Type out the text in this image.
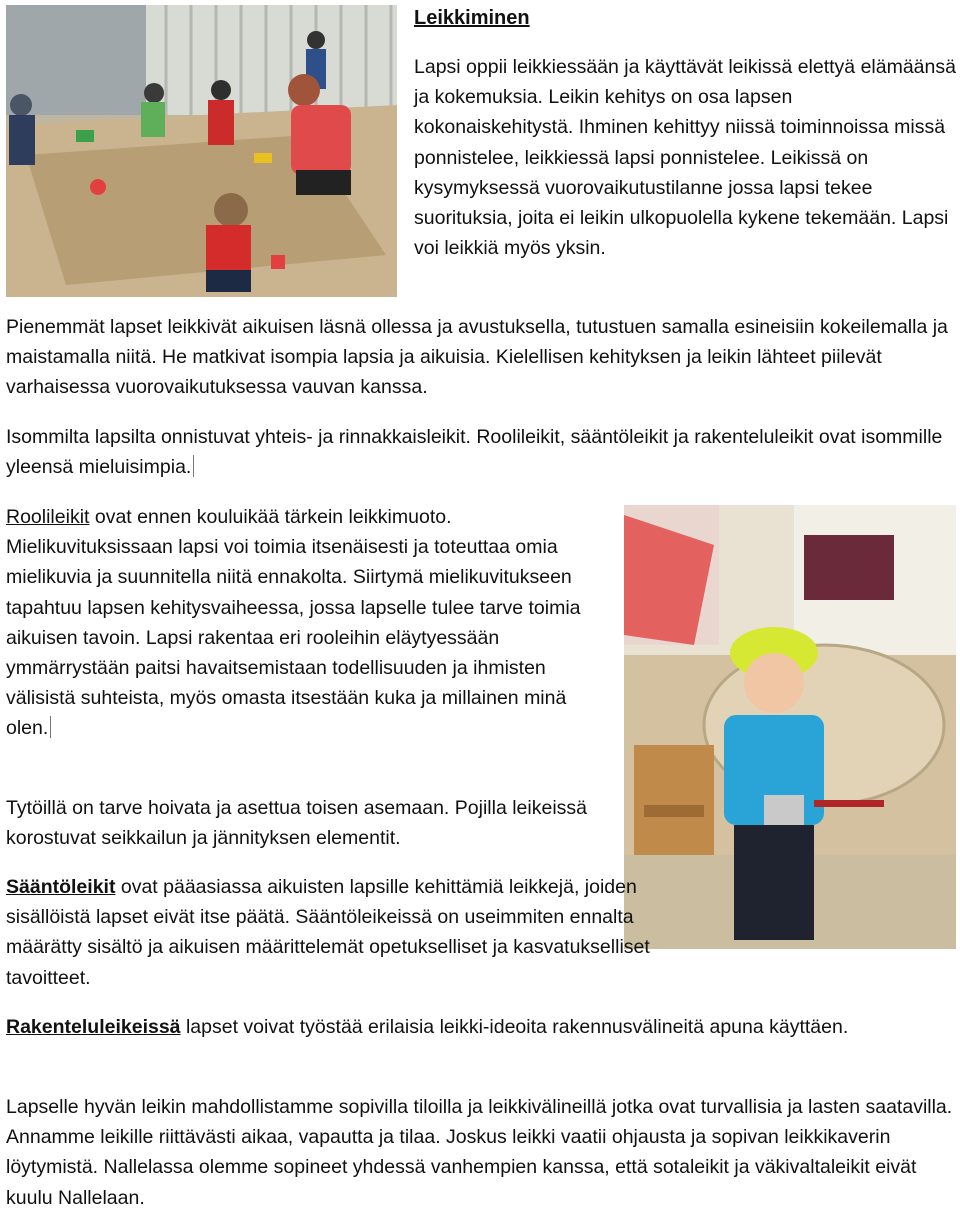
Leikkiminen

Lapsi oppii leikkiessään ja käyttävät leikissä elettyä elämäänsä ja kokemuksia. Leikin kehitys on osa lapsen kokonaiskehitystä. Ihminen kehittyy niissä toiminnoissa missä ponnistelee, leikkiessä lapsi ponnistelee. Leikissä on kysymyksessä vuorovaikutustilanne jossa lapsi tekee suorituksia, joita ei leikin ulkopuolella kykene tekemään. Lapsi voi leikkiä myös yksin.

Pienemmät lapset leikkivät aikuisen läsnä ollessa ja avustuksella, tutustuen samalla esineisiin kokeilemalla ja maistamalla niitä. He matkivat isompia lapsia ja aikuisia. Kielellisen kehityksen ja leikin lähteet piilevät varhaisessa vuorovaikutuksessa vauvan kanssa.

Isommilta lapsilta onnistuvat yhteis- ja rinnakkaisleikit. Roolileikit, sääntöleikit ja rakenteluleikit ovat isommille yleensä mieluisimpia.

Roolileikit ovat ennen kouluikää tärkein leikkimuoto. Mielikuvituksissaan lapsi voi toimia itsenäisesti ja toteuttaa omia mielikuvia ja suunnitella niitä ennakolta. Siirtymä mielikuvitukseen tapahtuu lapsen kehitysvaiheessa, jossa lapselle tulee tarve toimia aikuisen tavoin. Lapsi rakentaa eri rooleihin eläytyessään ymmärrystään paitsi havaitsemistaan todellisuuden ja ihmisten välisistä suhteista, myös omasta itsestään kuka ja millainen minä olen.

Tytöillä on tarve hoivata ja asettua toisen asemaan. Pojilla leikeissä korostuvat seikkailun ja jännityksen elementit.

Sääntöleikit ovat pääasiassa aikuisten lapsille kehittämiä leikkejä, joiden sisällöistä lapset eivät itse päätä. Sääntöleikeissä on useimmiten ennalta määrätty sisältö ja aikuisen määrittelemät opetukselliset ja kasvatukselliset tavoitteet.

Rakenteluleikeissä lapset voivat työstää erilaisia leikki-ideoita rakennusvälineitä apuna käyttäen.

Lapselle hyvän leikin mahdollistamme sopivilla tiloilla ja leikkivälineillä jotka ovat turvallisia ja lasten saatavilla. Annamme leikille riittävästi aikaa, vapautta ja tilaa. Joskus leikki vaatii ohjausta ja sopivan leikkikaverin löytymistä. Nallelassa olemme sopineet yhdessä vanhempien kanssa, että sotaleikit ja väkivaltaleikit eivät kuulu Nallelaan.
